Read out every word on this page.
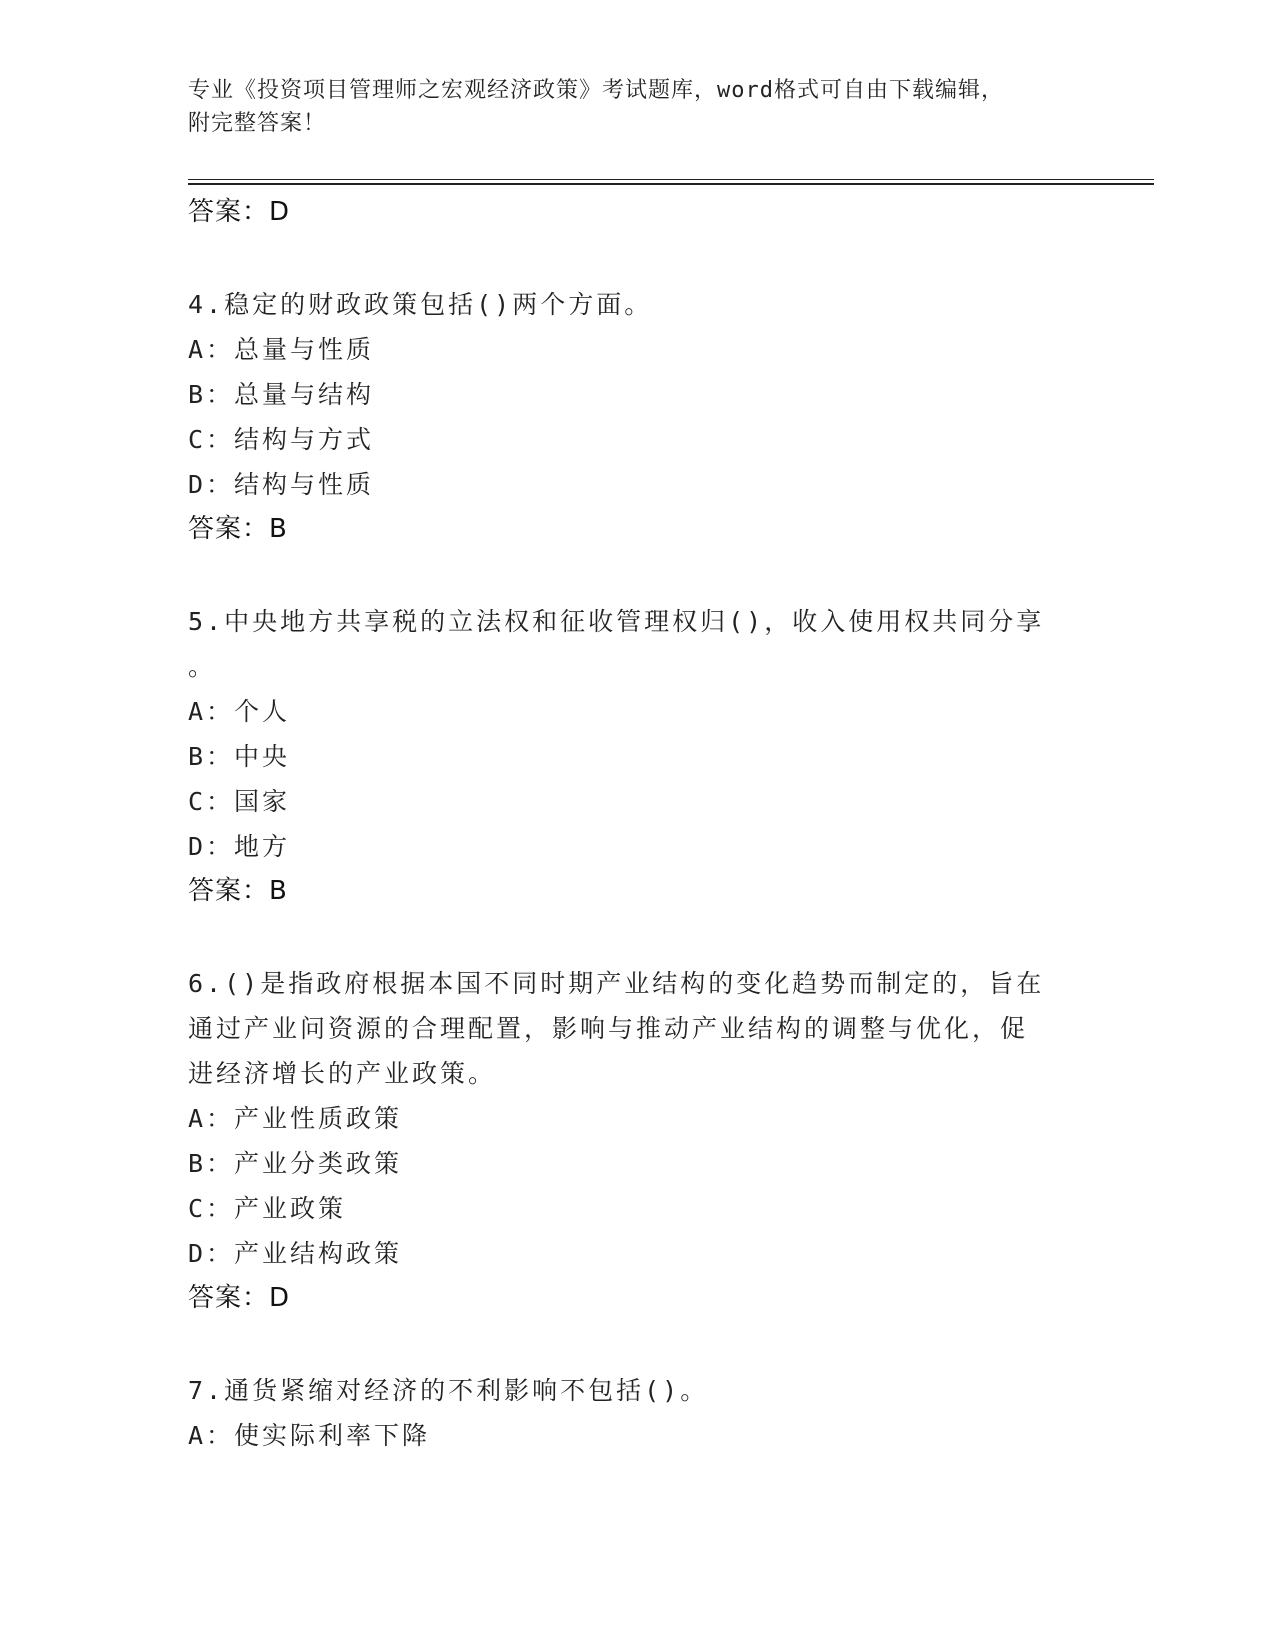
专业《投资项目管理师之宏观经济政策》考试题库，word格式可自由下载编辑，
附完整答案！
答案：D
4.稳定的财政政策包括()两个方面。
A：总量与性质
B：总量与结构
C：结构与方式
D：结构与性质
答案：B
5.中央地方共享税的立法权和征收管理权归()，收入使用权共同分享
。
A：个人
B：中央
C：国家
D：地方
答案：B
6.()是指政府根据本国不同时期产业结构的变化趋势而制定的，旨在
通过产业问资源的合理配置，影响与推动产业结构的调整与优化，促
进经济增长的产业政策。
A：产业性质政策
B：产业分类政策
C：产业政策
D：产业结构政策
答案：D
7.通货紧缩对经济的不利影响不包括()。
A：使实际利率下降
